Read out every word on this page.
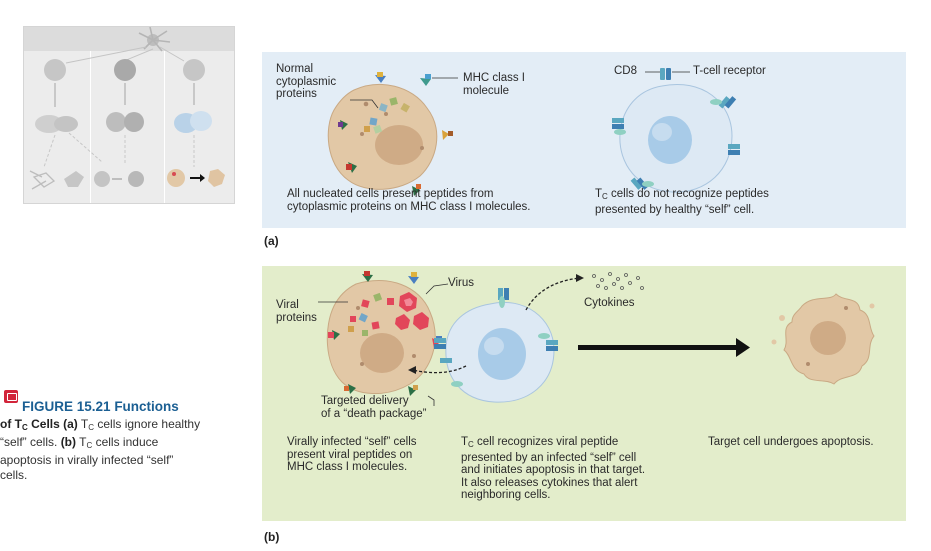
Normal
cytoplasmic
proteins
MHC class I
molecule
CD8	T-cell receptor
All nucleated cells present peptides from
cytoplasmic proteins on MHC class I molecules.
$T_C$ cells do not recognize peptides
presented by healthy “self” cell.
(a)
Viral
proteins
Virus
Cytokines
Targeted delivery
of a “death package”
Virally infected “self” cells
present viral peptides on
MHC class I molecules.
$T_C$ cell recognizes viral peptide
presented by an infected “self” cell
and initiates apoptosis in that target.
It also releases cytokines that alert
neighboring cells.
Target cell undergoes apoptosis.
(b)
FIGURE 15.21 Functions
of $T_C$ Cells (a) $T_C$ cells ignore healthy
“self” cells. (b) $T_C$ cells induce
apoptosis in virally infected “self”
cells.
